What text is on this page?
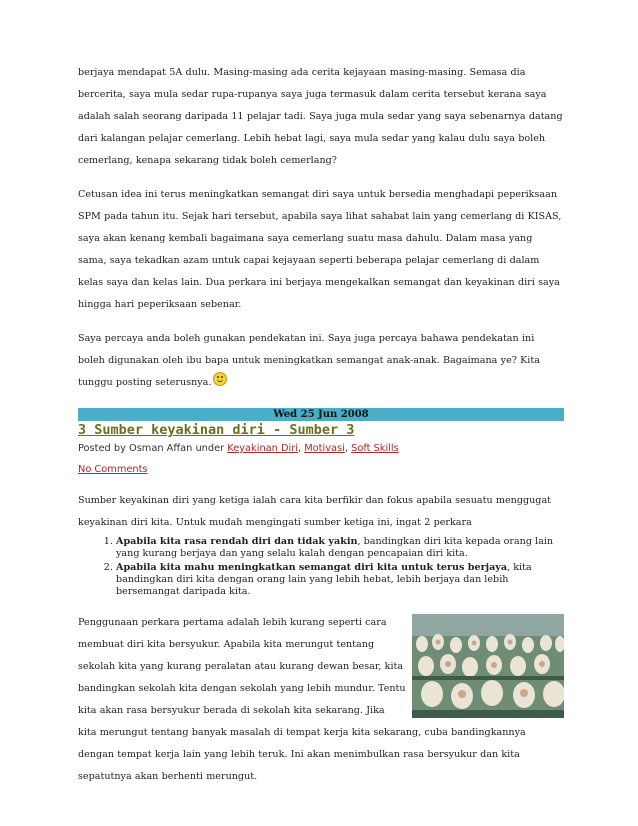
berjaya mendapat 5A dulu. Masing-masing ada cerita kejayaan masing-masing. Semasa dia bercerita, saya mula sedar rupa-rupanya saya juga termasuk dalam cerita tersebut kerana saya adalah salah seorang daripada 11 pelajar tadi. Saya juga mula sedar yang saya sebenarnya datang dari kalangan pelajar cemerlang. Lebih hebat lagi, saya mula sedar yang kalau dulu saya boleh cemerlang, kenapa sekarang tidak boleh cemerlang?

Cetusan idea ini terus meningkatkan semangat diri saya untuk bersedia menghadapi peperiksaan SPM pada tahun itu. Sejak hari tersebut, apabila saya lihat sahabat lain yang cemerlang di KISAS, saya akan kenang kembali bagaimana saya cemerlang suatu masa dahulu. Dalam masa yang sama, saya tekadkan azam untuk capai kejayaan seperti beberapa pelajar cemerlang di dalam kelas saya dan kelas lain. Dua perkara ini berjaya mengekalkan semangat dan keyakinan diri saya hingga hari peperiksaan sebenar.

Saya percaya anda boleh gunakan pendekatan ini. Saya juga percaya bahawa pendekatan ini boleh digunakan oleh ibu bapa untuk meningkatkan semangat anak-anak. Bagaimana ye? Kita tunggu posting seterusnya.

Wed 25 Jun 2008
3 Sumber keyakinan diri - Sumber 3
Posted by Osman Affan under Keyakinan Diri, Motivasi, Soft Skills
No Comments

Sumber keyakinan diri yang ketiga ialah cara kita berfikir dan fokus apabila sesuatu menggugat keyakinan diri kita. Untuk mudah mengingati sumber ketiga ini, ingat 2 perkara

1. Apabila kita rasa rendah diri dan tidak yakin, bandingkan diri kita kepada orang lain yang kurang berjaya dan yang selalu kalah dengan pencapaian diri kita.
2. Apabila kita mahu meningkatkan semangat diri kita untuk terus berjaya, kita bandingkan diri kita dengan orang lain yang lebih hebat, lebih berjaya dan lebih bersemangat daripada kita.

Penggunaan perkara pertama adalah lebih kurang seperti cara membuat diri kita bersyukur. Apabila kita merungut tentang sekolah kita yang kurang peralatan atau kurang dewan besar, kita bandingkan sekolah kita dengan sekolah yang lebih mundur. Tentu kita akan rasa bersyukur berada di sekolah kita sekarang. Jika kita merungut tentang banyak masalah di tempat kerja kita sekarang, cuba bandingkannya dengan tempat kerja lain yang lebih teruk. Ini akan menimbulkan rasa bersyukur dan kita sepatutnya akan berhenti merungut.
